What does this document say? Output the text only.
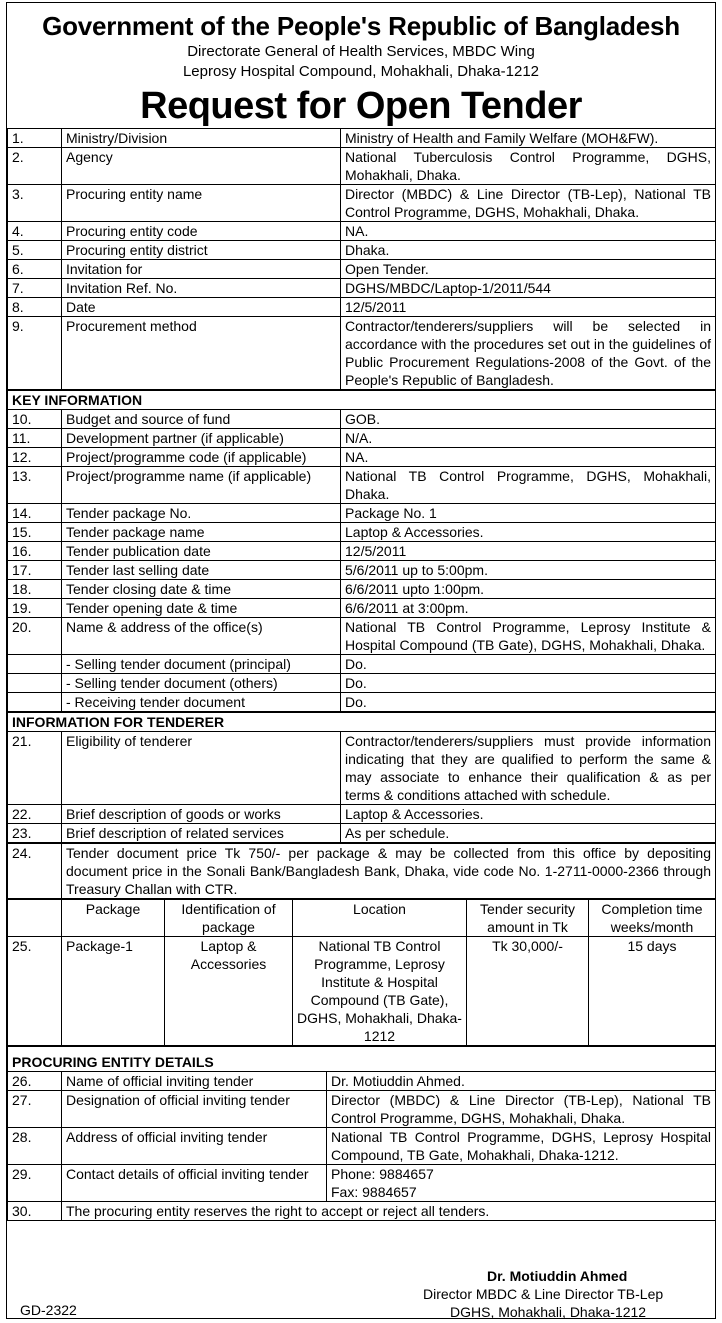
Government of the People's Republic of Bangladesh
Directorate General of Health Services, MBDC Wing
Leprosy Hospital Compound, Mohakhali, Dhaka-1212
Request for Open Tender
1.	Ministry/Division	Ministry of Health and Family Welfare (MOH&FW).
2.	Agency	National Tuberculosis Control Programme, DGHS, Mohakhali, Dhaka.
3.	Procuring entity name	Director (MBDC) & Line Director (TB-Lep), National TB Control Programme, DGHS, Mohakhali, Dhaka.
4.	Procuring entity code	NA.
5.	Procuring entity district	Dhaka.
6.	Invitation for	Open Tender.
7.	Invitation Ref. No.	DGHS/MBDC/Laptop-1/2011/544
8.	Date	12/5/2011
9.	Procurement method	Contractor/tenderers/suppliers will be selected in accordance with the procedures set out in the guidelines of Public Procurement Regulations-2008 of the Govt. of the People's Republic of Bangladesh.
KEY INFORMATION		
10.	Budget and source of fund	GOB.
11.	Development partner (if applicable)	N/A.
12.	Project/programme code (if applicable)	NA.
13.	Project/programme name (if applicable)	National TB Control Programme, DGHS, Mohakhali, Dhaka.
14.	Tender package No.	Package No. 1
15.	Tender package name	Laptop & Accessories.
16.	Tender publication date	12/5/2011
17.	Tender last selling date	5/6/2011 up to 5:00pm.
18.	Tender closing date & time	6/6/2011 upto 1:00pm.
19.	Tender opening date & time	6/6/2011 at 3:00pm.
20.	Name & address of the office(s)	National TB Control Programme, Leprosy Institute & Hospital Compound (TB Gate), DGHS, Mohakhali, Dhaka.
	- Selling tender document (principal)	Do.
	- Selling tender document (others)	Do.
	- Receiving tender document	Do.
INFORMATION FOR TENDERER		
21.	Eligibility of tenderer	Contractor/tenderers/suppliers must provide information indicating that they are qualified to perform the same & may associate to enhance their qualification & as per terms & conditions attached with schedule.
22.	Brief description of goods or works	Laptop & Accessories.
23.	Brief description of related services	As per schedule.
24.	Tender document price Tk 750/- per package & may be collected from this office by depositing document price in the Sonali Bank/Bangladesh Bank, Dhaka, vide code No. 1-2711-0000-2366 through Treasury Challan with CTR.
	Package	Identification of package	Location	Tender security amount in Tk	Completion time weeks/month
25.	Package-1	Laptop & Accessories	National TB Control Programme, Leprosy Institute & Hospital Compound (TB Gate), DGHS, Mohakhali, Dhaka-1212	Tk 30,000/-	15 days
PROCURING ENTITY DETAILS		
26.	Name of official inviting tender	Dr. Motiuddin Ahmed.
27.	Designation of official inviting tender	Director (MBDC) & Line Director (TB-Lep), National TB Control Programme, DGHS, Mohakhali, Dhaka.
28.	Address of official inviting tender	National TB Control Programme, DGHS, Leprosy Hospital Compound, TB Gate, Mohakhali, Dhaka-1212.
29.	Contact details of official inviting tender	Phone: 9884657
Fax: 9884657

30.	The procuring entity reserves the right to accept or reject all tenders.	
Dr. Motiuddin Ahmed
Director MBDC & Line Director TB-Lep
DGHS, Mohakhali, Dhaka-1212
GD-2322
